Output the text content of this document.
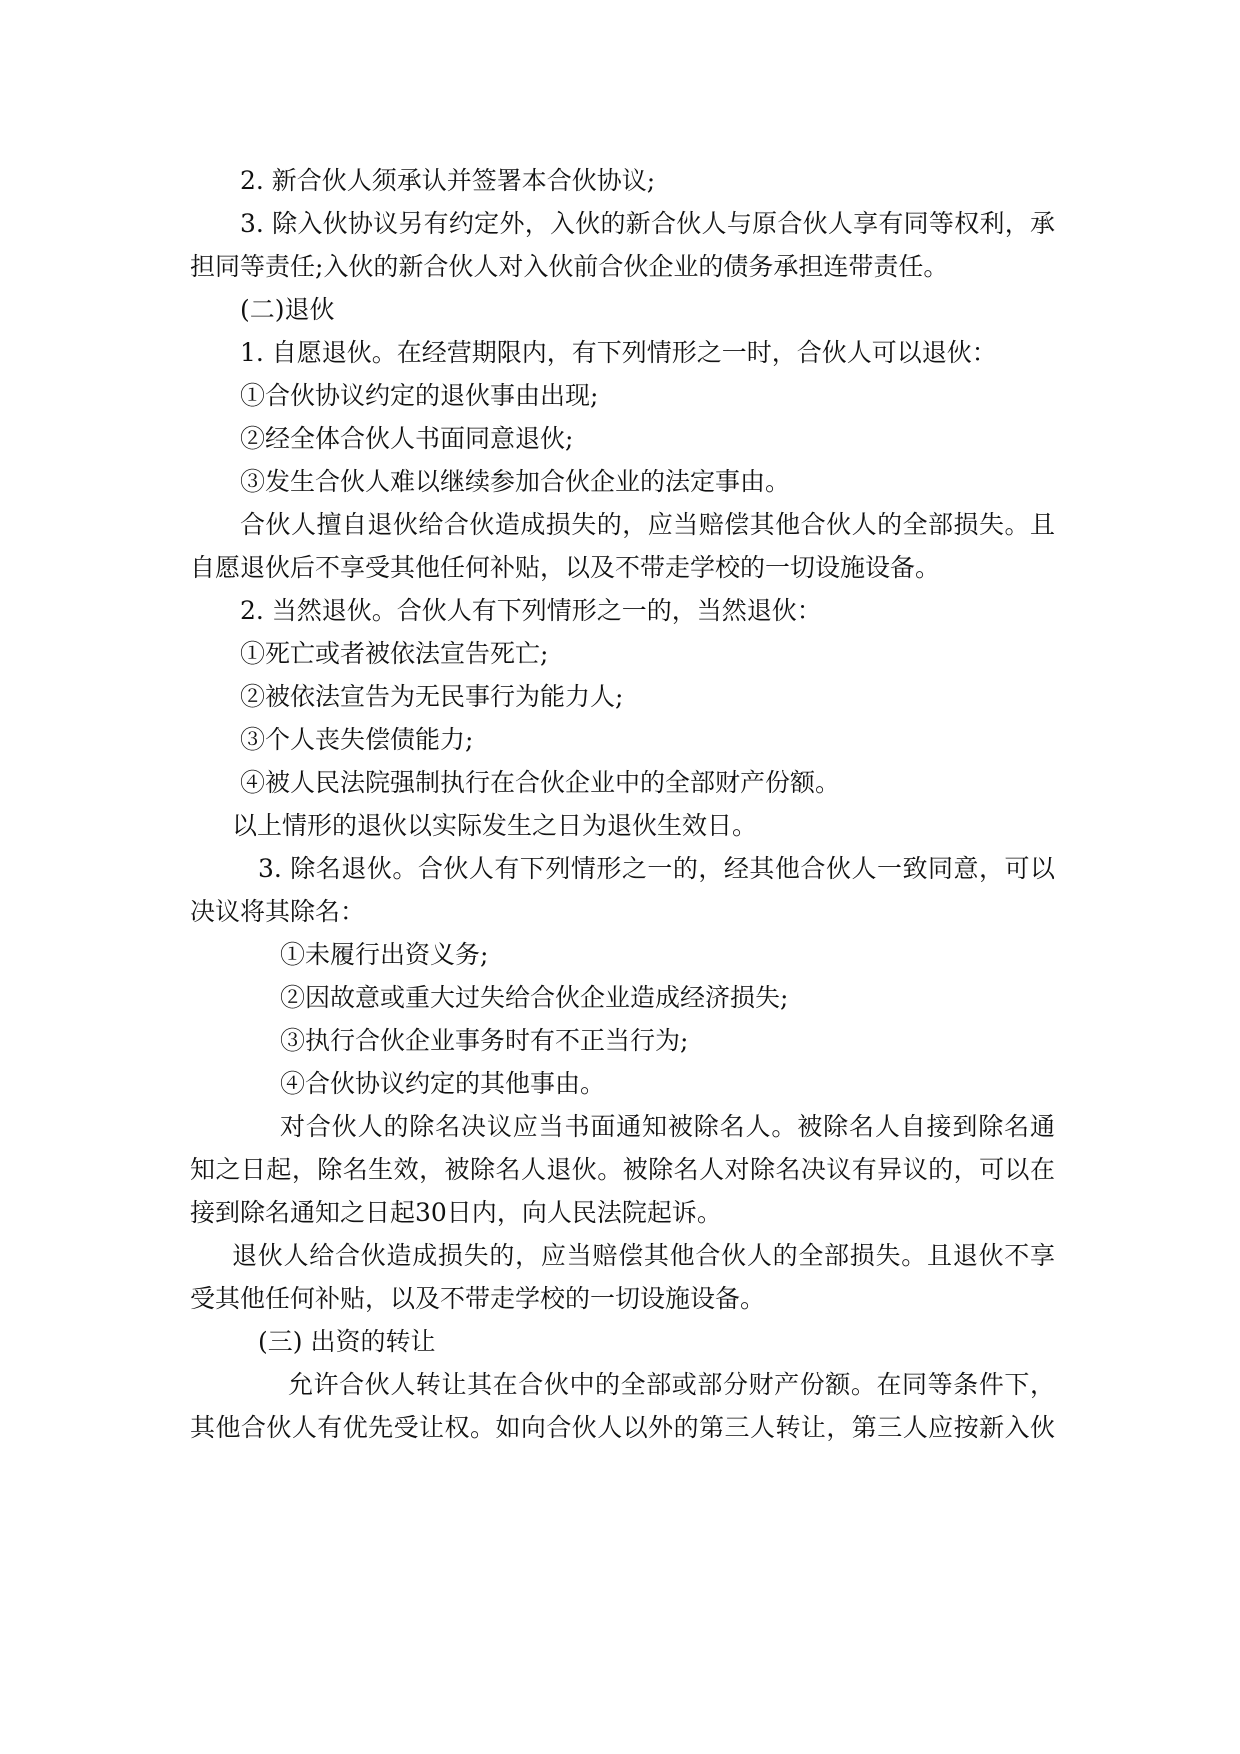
2. 新合伙人须承认并签署本合伙协议;

3. 除入伙协议另有约定外，入伙的新合伙人与原合伙人享有同等权利，承

担同等责任;入伙的新合伙人对入伙前合伙企业的债务承担连带责任。

(二)退伙

1. 自愿退伙。在经营期限内，有下列情形之一时，合伙人可以退伙：

①合伙协议约定的退伙事由出现;

②经全体合伙人书面同意退伙;

③发生合伙人难以继续参加合伙企业的法定事由。

合伙人擅自退伙给合伙造成损失的，应当赔偿其他合伙人的全部损失。且

自愿退伙后不享受其他任何补贴，以及不带走学校的一切设施设备。

2. 当然退伙。合伙人有下列情形之一的，当然退伙：

①死亡或者被依法宣告死亡;

②被依法宣告为无民事行为能力人;

③个人丧失偿债能力;

④被人民法院强制执行在合伙企业中的全部财产份额。

以上情形的退伙以实际发生之日为退伙生效日。

3. 除名退伙。合伙人有下列情形之一的，经其他合伙人一致同意，可以

决议将其除名：

①未履行出资义务;

②因故意或重大过失给合伙企业造成经济损失;

③执行合伙企业事务时有不正当行为;

④合伙协议约定的其他事由。

对合伙人的除名决议应当书面通知被除名人。被除名人自接到除名通

知之日起，除名生效，被除名人退伙。被除名人对除名决议有异议的，可以在

接到除名通知之日起30日内，向人民法院起诉。

退伙人给合伙造成损失的，应当赔偿其他合伙人的全部损失。且退伙不享

受其他任何补贴，以及不带走学校的一切设施设备。

(三) 出资的转让

允许合伙人转让其在合伙中的全部或部分财产份额。在同等条件下，

其他合伙人有优先受让权。如向合伙人以外的第三人转让，第三人应按新入伙
